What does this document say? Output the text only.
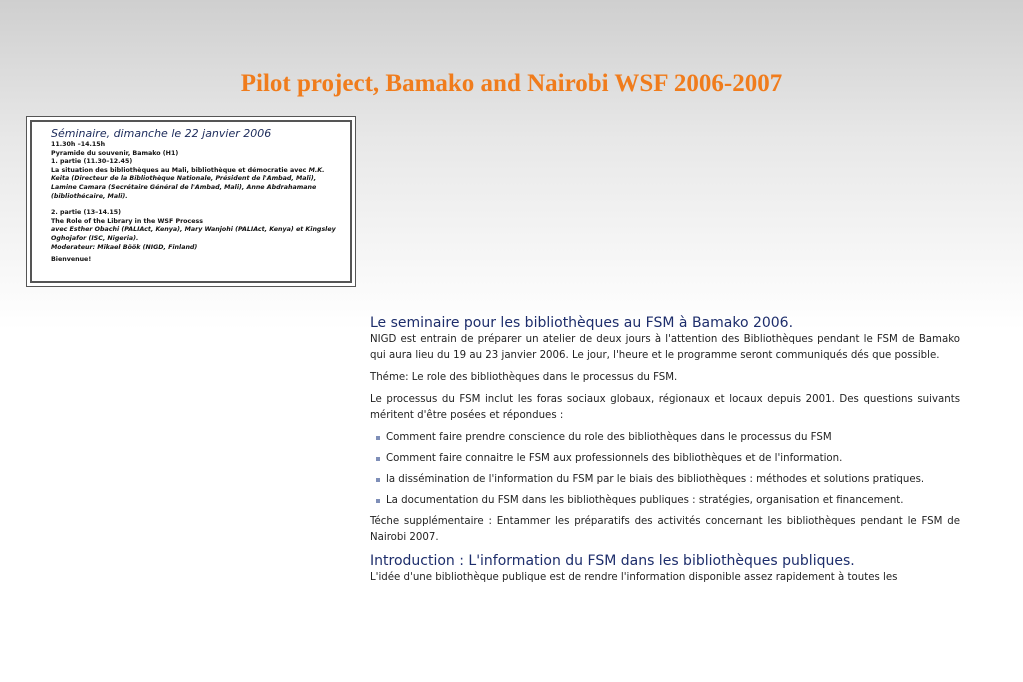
Pilot project, Bamako and Nairobi WSF 2006-2007
Séminaire, dimanche le 22 janvier 2006
11.30h –14.15h
Pyramide du souvenir, Bamako (H1)
1. partie (11.30–12.45)
La situation des bibliothèques au Mali, bibliothèque et démocratie avec M.K.
Keita (Directeur de la Bibliothèque Nationale, Président de l'Ambad, Mali),
Lamine Camara (Secrétaire Général de l'Ambad, Mali), Anne Abdrahamane
(bibliothécaire, Mali).
2. partie (13–14.15)
The Role of the Library in the WSF Process
avec Esther Obachi (PALIAct, Kenya), Mary Wanjohi (PALIAct, Kenya) et Kingsley
Oghojafor (ISC, Nigeria).
Moderateur: Mikael Böök (NIGD, Finland)
Bienvenue!
Le seminaire pour les bibliothèques au FSM à Bamako 2006.

NIGD est entrain de préparer un atelier de deux jours à l'attention des Bibliothèques pendant le FSM de Bamako qui aura lieu du 19 au 23 janvier 2006. Le jour, l'heure et le programme seront communiqués dés que possible.

Théme: Le role des bibliothèques dans le processus du FSM.

Le processus du FSM inclut les foras sociaux globaux, régionaux et locaux depuis 2001. Des questions suivants méritent d'être posées et répondues :

Comment faire prendre conscience du role des bibliothèques dans le processus du FSM
Comment faire connaitre le FSM aux professionnels des bibliothèques et de l'information.
la dissémination de l'information du FSM par le biais des bibliothèques : méthodes et solutions pratiques.
La documentation du FSM dans les bibliothèques publiques : stratégies, organisation et financement.

Téche supplémentaire : Entammer les préparatifs des activités concernant les bibliothèques pendant le FSM de Nairobi 2007.

Introduction : L'information du FSM dans les bibliothèques publiques.

L'idée d'une bibliothèque publique est de rendre l'information disponible assez rapidement à toutes les
